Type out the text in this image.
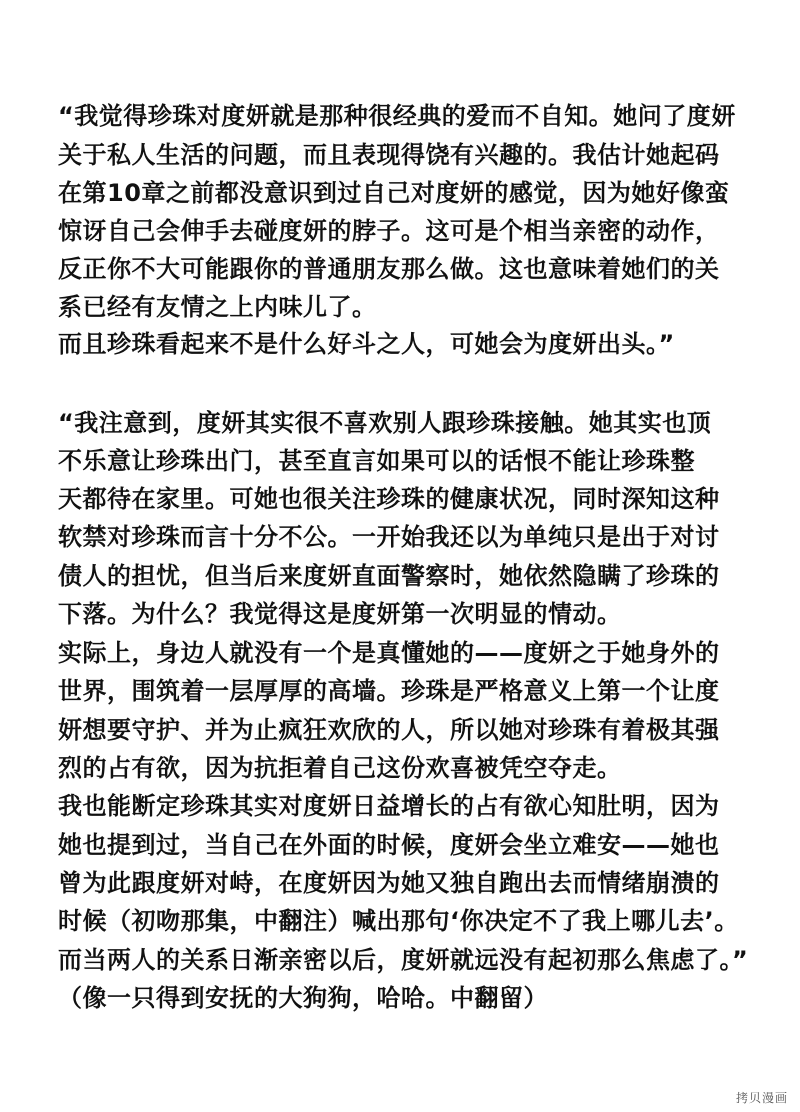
“我觉得珍珠对度妍就是那种很经典的爱而不自知。她问了度妍
关于私人生活的问题，而且表现得饶有兴趣的。我估计她起码
在第10章之前都没意识到过自己对度妍的感觉，因为她好像蛮
惊讶自己会伸手去碰度妍的脖子。这可是个相当亲密的动作，
反正你不大可能跟你的普通朋友那么做。这也意味着她们的关
系已经有友情之上内味儿了。
而且珍珠看起来不是什么好斗之人，可她会为度妍出头。”
“我注意到，度妍其实很不喜欢别人跟珍珠接触。她其实也顶
不乐意让珍珠出门，甚至直言如果可以的话恨不能让珍珠整
天都待在家里。可她也很关注珍珠的健康状况，同时深知这种
软禁对珍珠而言十分不公。一开始我还以为单纯只是出于对讨
债人的担忧，但当后来度妍直面警察时，她依然隐瞒了珍珠的
下落。为什么？我觉得这是度妍第一次明显的情动。
实际上，身边人就没有一个是真懂她的——度妍之于她身外的
世界，围筑着一层厚厚的高墙。珍珠是严格意义上第一个让度
妍想要守护、并为止疯狂欢欣的人，所以她对珍珠有着极其强
烈的占有欲，因为抗拒着自己这份欢喜被凭空夺走。
我也能断定珍珠其实对度妍日益增长的占有欲心知肚明，因为
她也提到过，当自己在外面的时候，度妍会坐立难安——她也
曾为此跟度妍对峙，在度妍因为她又独自跑出去而情绪崩溃的
时候（初吻那集，中翻注）喊出那句‘你决定不了我上哪儿去’。
而当两人的关系日渐亲密以后，度妍就远没有起初那么焦虑了。”
（像一只得到安抚的大狗狗，哈哈。中翻留）
拷贝漫画
